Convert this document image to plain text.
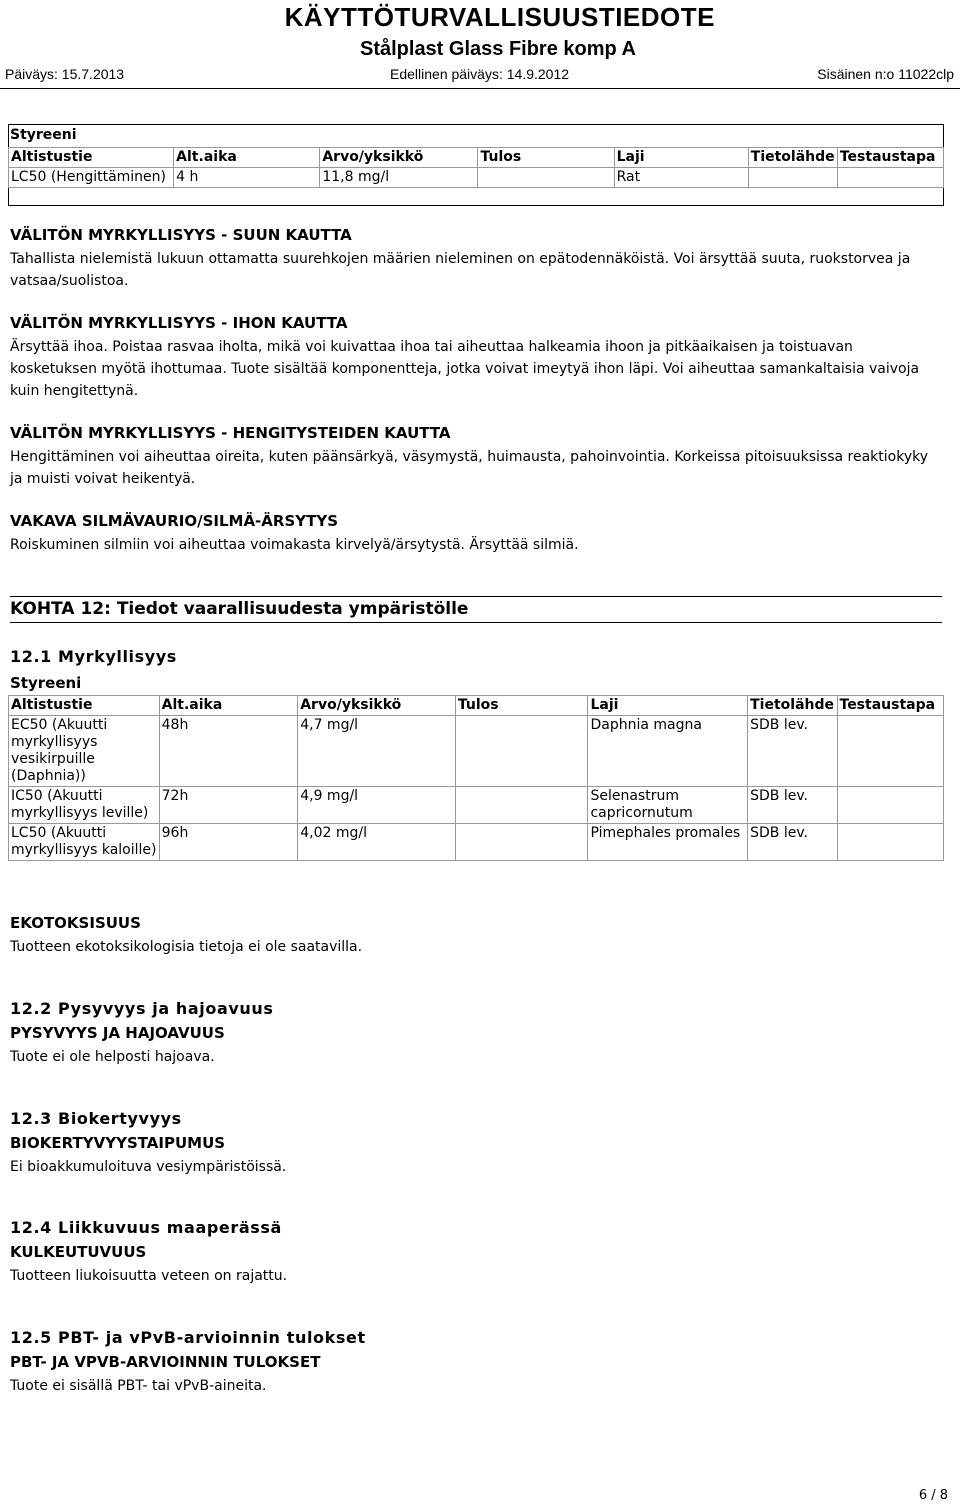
KÄYTTÖTURVALLISUUSTIEDOTE
Stålplast Glass Fibre komp A
Päiväys: 15.7.2013	Edellinen päiväys: 14.9.2012	Sisäinen n:o 11022clp
Styreeni
Altistustie	Alt.aika	Arvo/yksikkö	Tulos	Laji	Tietolähde	Testaustapa
LC50 (Hengittäminen)	4 h	11,8 mg/l		Rat		
VÄLITÖN MYRKYLLISYYS - SUUN KAUTTA
Tahallista nielemistä lukuun ottamatta suurehkojen määrien nieleminen on epätodennäköistä. Voi ärsyttää suuta, ruokstorvea ja vatsaa/suolistoa.
VÄLITÖN MYRKYLLISYYS - IHON KAUTTA
Ärsyttää ihoa. Poistaa rasvaa iholta, mikä voi kuivattaa ihoa tai aiheuttaa halkeamia ihoon ja pitkäaikaisen ja toistuavan kosketuksen myötä ihottumaa. Tuote sisältää komponentteja, jotka voivat imeytyä ihon läpi. Voi aiheuttaa samankaltaisia vaivoja kuin hengitettynä.
VÄLITÖN MYRKYLLISYYS - HENGITYSTEIDEN KAUTTA
Hengittäminen voi aiheuttaa oireita, kuten päänsärkyä, väsymystä, huimausta, pahoinvointia. Korkeissa pitoisuuksissa reaktiokyky ja muisti voivat heikentyä.
VAKAVA SILMÄVAURIO/SILMÄ-ÄRSYTYS
Roiskuminen silmiin voi aiheuttaa voimakasta kirvelyä/ärsytystä. Ärsyttää silmiä.
KOHTA 12: Tiedot vaarallisuudesta ympäristölle
12.1 Myrkyllisyys
Styreeni
Altistustie	Alt.aika	Arvo/yksikkö	Tulos	Laji	Tietolähde	Testaustapa
EC50 (Akuutti myrkyllisyys vesikirpuille (Daphnia))	48h	4,7 mg/l		Daphnia magna	SDB lev.	
IC50 (Akuutti myrkyllisyys leville)	72h	4,9 mg/l		Selenastrum capricornutum	SDB lev.	
LC50 (Akuutti myrkyllisyys kaloille)	96h	4,02 mg/l		Pimephales promales	SDB lev.	
EKOTOKSISUUS
Tuotteen ekotoksikologisia tietoja ei ole saatavilla.
12.2 Pysyvyys ja hajoavuus
PYSYVYYS JA HAJOAVUUS
Tuote ei ole helposti hajoava.
12.3 Biokertyvyys
BIOKERTYVYYSTAIPUMUS
Ei bioakkumuloituva vesiympäristöissä.
12.4 Liikkuvuus maaperässä
KULKEUTUVUUS
Tuotteen liukoisuutta veteen on rajattu.
12.5 PBT- ja vPvB-arvioinnin tulokset
PBT- JA VPVB-ARVIOINNIN TULOKSET
Tuote ei sisällä PBT- tai vPvB-aineita.
6 / 8
